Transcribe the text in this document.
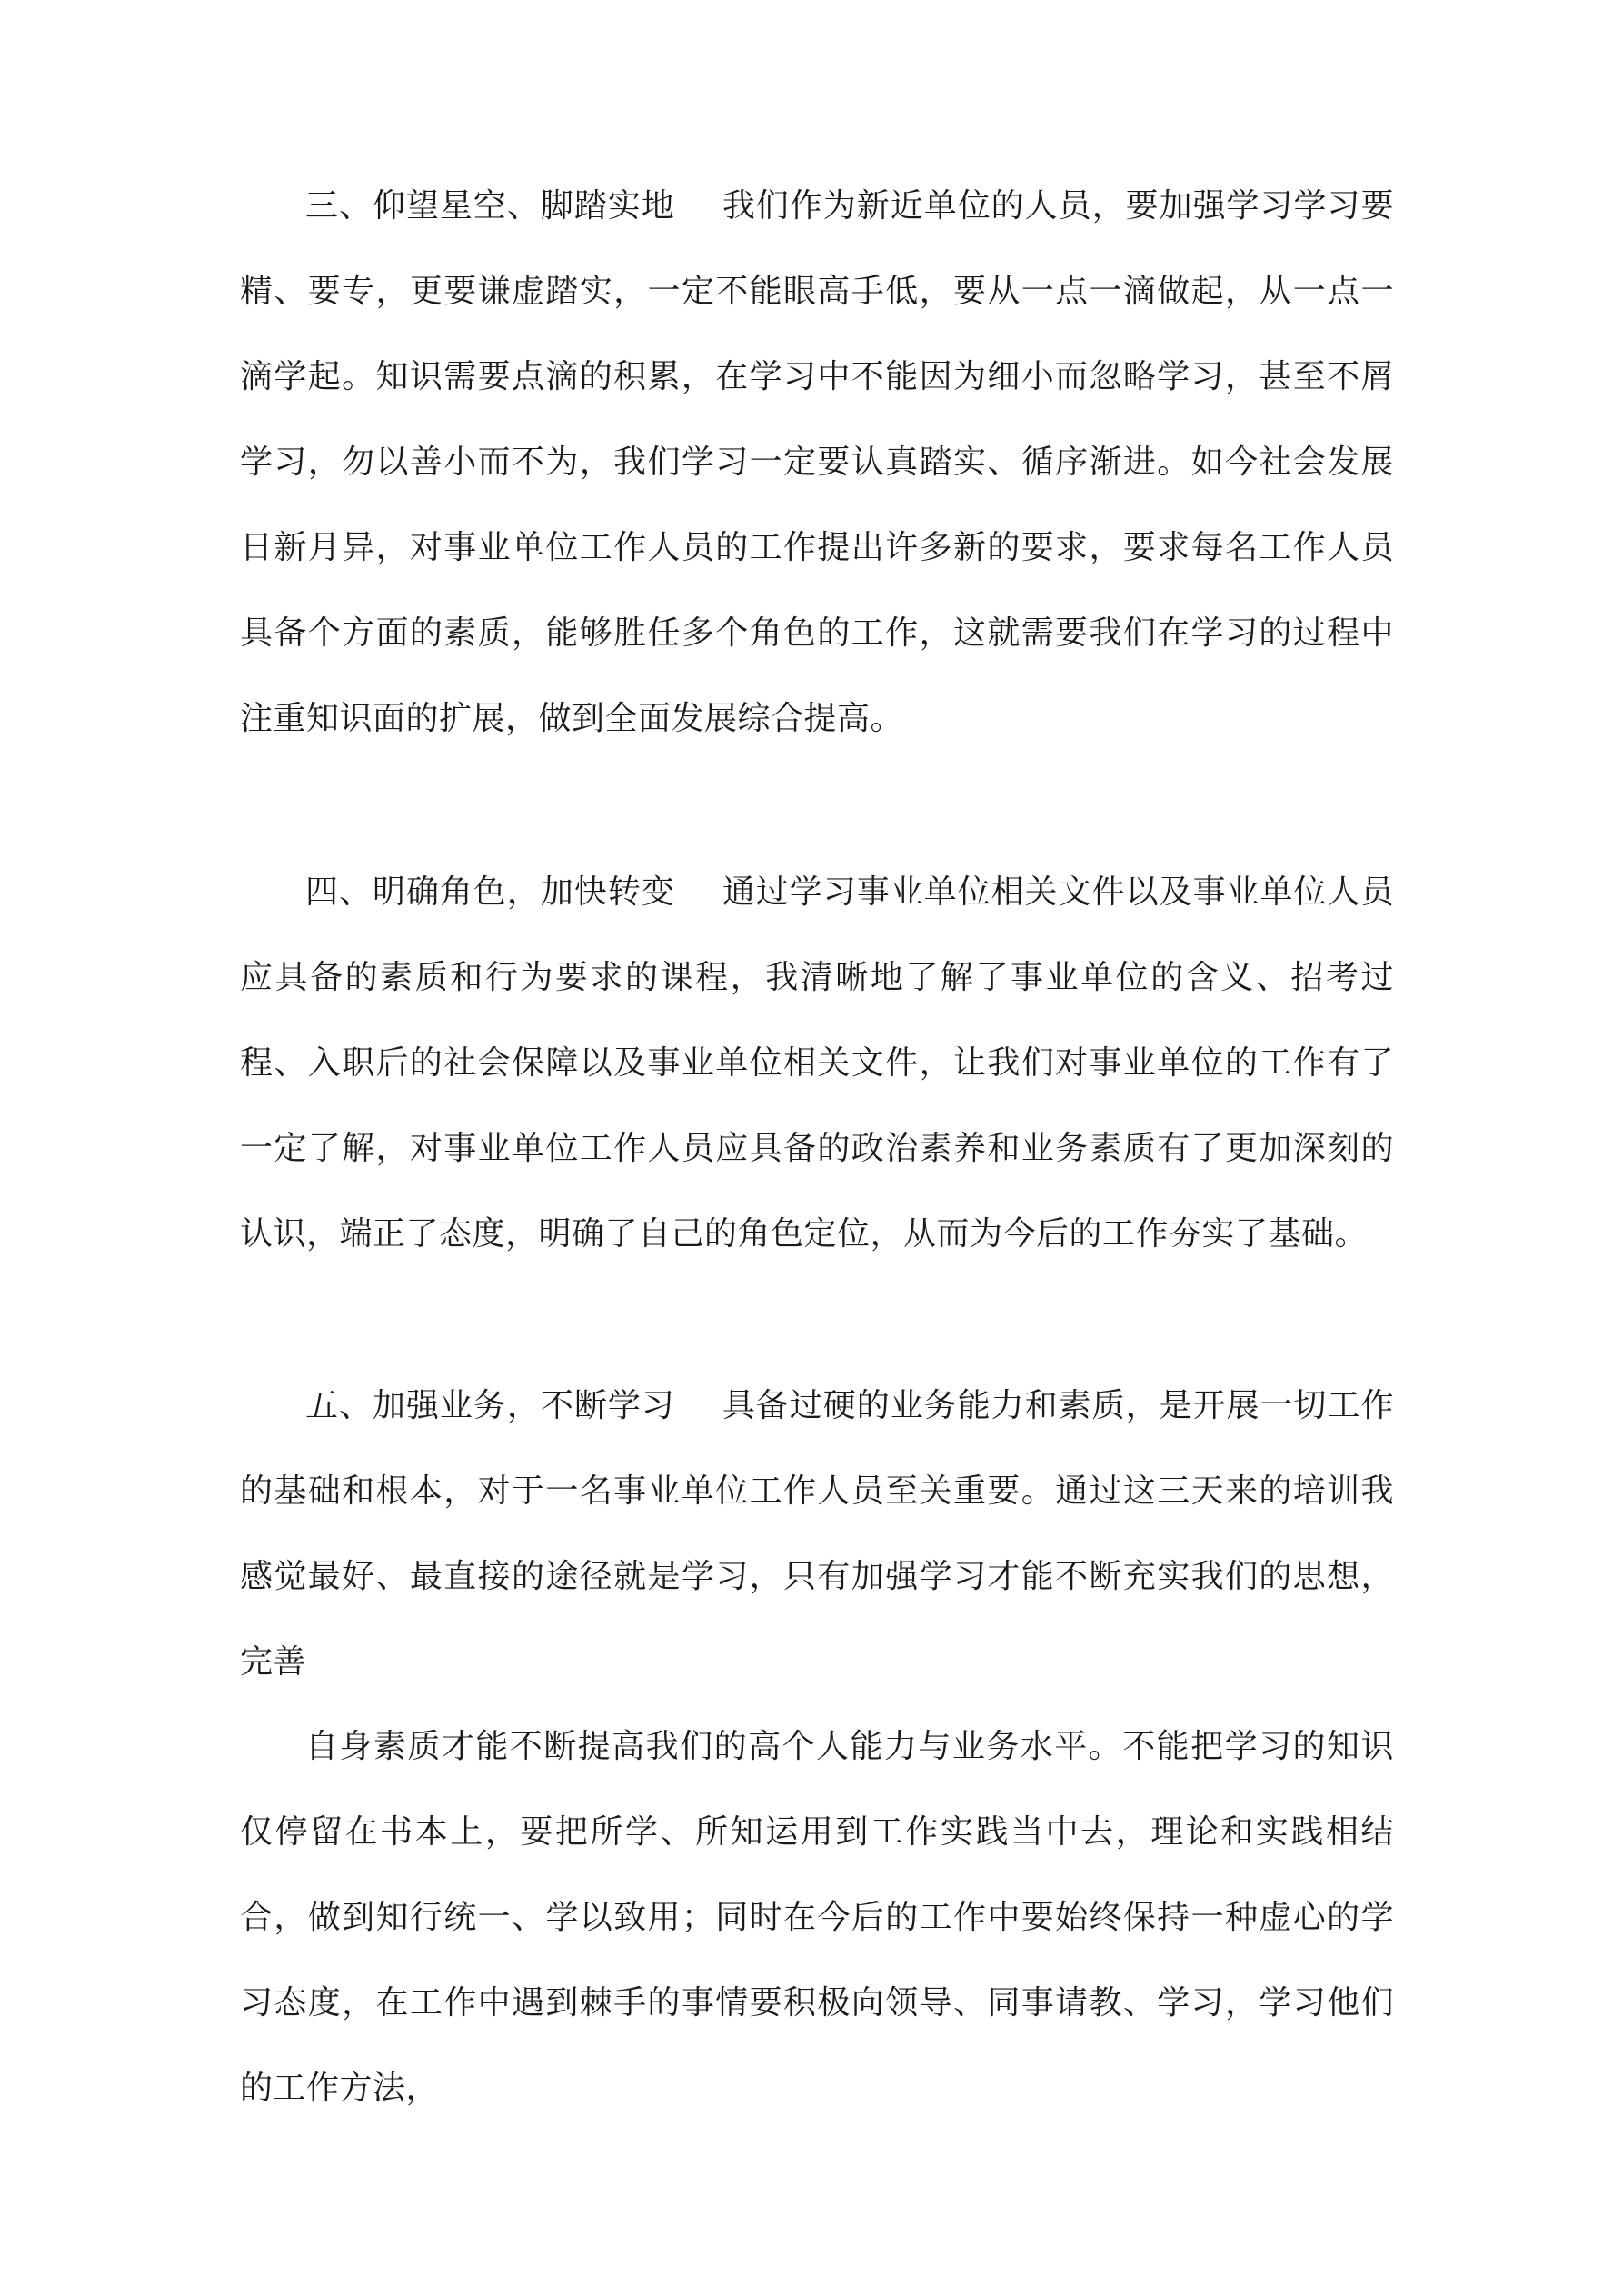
三、仰望星空、脚踏实地 我们作为新近单位的人员，要加强学习学习要精、要专，更要谦虚踏实，一定不能眼高手低，要从一点一滴做起，从一点一滴学起。知识需要点滴的积累，在学习中不能因为细小而忽略学习，甚至不屑学习，勿以善小而不为，我们学习一定要认真踏实、循序渐进。如今社会发展日新月异，对事业单位工作人员的工作提出许多新的要求，要求每名工作人员具备个方面的素质，能够胜任多个角色的工作，这就需要我们在学习的过程中注重知识面的扩展，做到全面发展综合提高。

四、明确角色，加快转变 通过学习事业单位相关文件以及事业单位人员应具备的素质和行为要求的课程，我清晰地了解了事业单位的含义、招考过程、入职后的社会保障以及事业单位相关文件，让我们对事业单位的工作有了一定了解，对事业单位工作人员应具备的政治素养和业务素质有了更加深刻的认识，端正了态度，明确了自己的角色定位，从而为今后的工作夯实了基础。

五、加强业务，不断学习 具备过硬的业务能力和素质，是开展一切工作的基础和根本，对于一名事业单位工作人员至关重要。通过这三天来的培训我感觉最好、最直接的途径就是学习，只有加强学习才能不断充实我们的思想，完善

自身素质才能不断提高我们的高个人能力与业务水平。不能把学习的知识仅停留在书本上，要把所学、所知运用到工作实践当中去，理论和实践相结合，做到知行统一、学以致用；同时在今后的工作中要始终保持一种虚心的学习态度，在工作中遇到棘手的事情要积极向领导、同事请教、学习，学习他们的工作方法，
